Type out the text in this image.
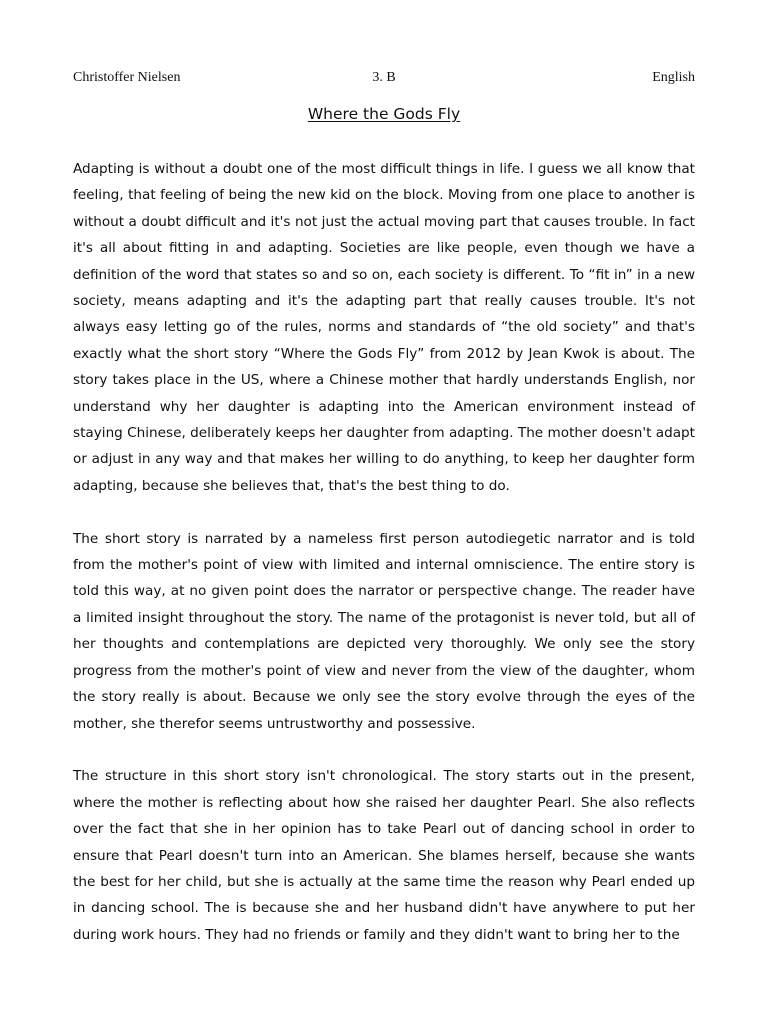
Christoffer Nielsen	3. B	English
Where the Gods Fly

Adapting is without a doubt one of the most difficult things in life. I guess we all know that feeling, that feeling of being the new kid on the block. Moving from one place to another is without a doubt difficult and it's not just the actual moving part that causes trouble. In fact it's all about fitting in and adapting. Societies are like people, even though we have a definition of the word that states so and so on, each society is different. To “fit in” in a new society, means adapting and it's the adapting part that really causes trouble. It's not always easy letting go of the rules, norms and standards of “the old society” and that's exactly what the short story “Where the Gods Fly” from 2012 by Jean Kwok is about. The story takes place in the US, where a Chinese mother that hardly understands English, nor understand why her daughter is adapting into the American environment instead of staying Chinese, deliberately keeps her daughter from adapting. The mother doesn't adapt or adjust in any way and that makes her willing to do anything, to keep her daughter form adapting, because she believes that, that's the best thing to do.

The short story is narrated by a nameless first person autodiegetic narrator and is told from the mother's point of view with limited and internal omniscience. The entire story is told this way, at no given point does the narrator or perspective change. The reader have a limited insight throughout the story. The name of the protagonist is never told, but all of her thoughts and contemplations are depicted very thoroughly. We only see the story progress from the mother's point of view and never from the view of the daughter, whom the story really is about. Because we only see the story evolve through the eyes of the mother, she therefor seems untrustworthy and possessive.

The structure in this short story isn't chronological. The story starts out in the present, where the mother is reflecting about how she raised her daughter Pearl. She also reflects over the fact that she in her opinion has to take Pearl out of dancing school in order to ensure that Pearl doesn't turn into an American. She blames herself, because she wants the best for her child, but she is actually at the same time the reason why Pearl ended up in dancing school. The is because she and her husband didn't have anywhere to put her during work hours. They had no friends or family and they didn't want to bring her to the
